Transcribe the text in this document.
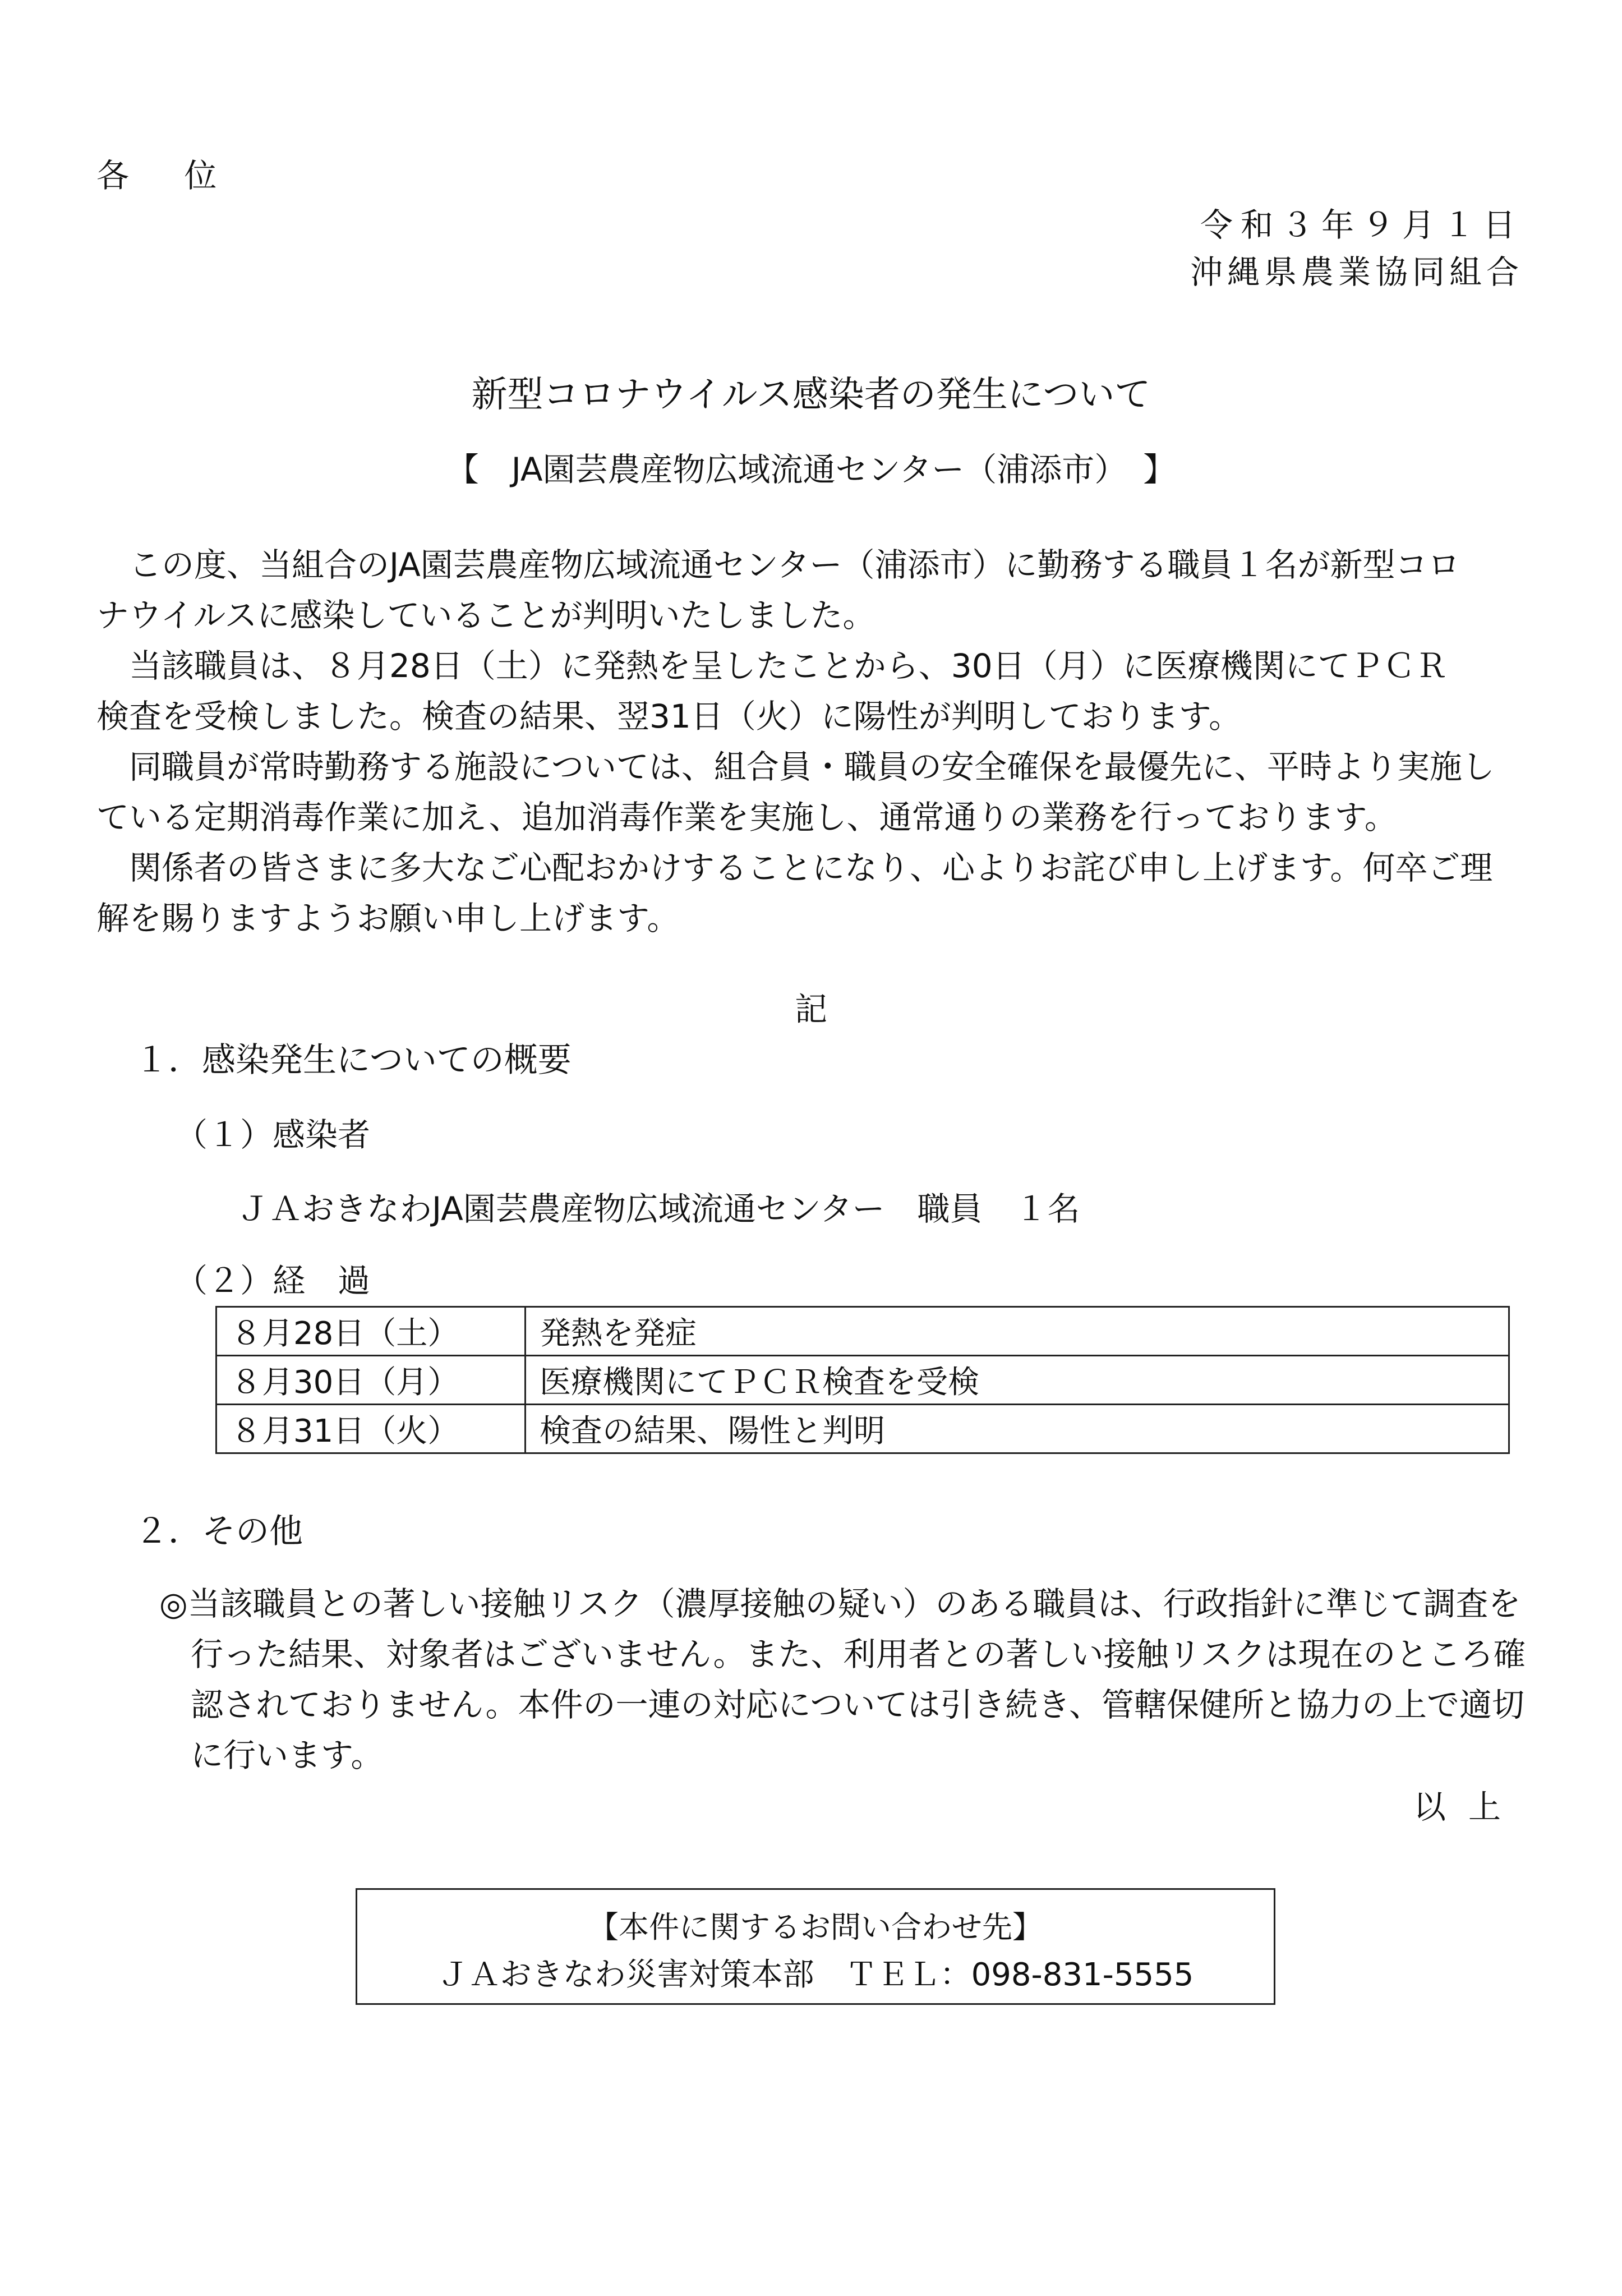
各 位
令和３年９月１日
沖縄県農業協同組合
新型コロナウイルス感染者の発生について
【　JA園芸農産物広域流通センター（浦添市）　】
　この度、当組合のJA園芸農産物広域流通センター（浦添市）に勤務する職員１名が新型コロ
ナウイルスに感染していることが判明いたしました。
　当該職員は、８月28日（土）に発熱を呈したことから、30日（月）に医療機関にてＰＣＲ
検査を受検しました。検査の結果、翌31日（火）に陽性が判明しております。
　同職員が常時勤務する施設については、組合員・職員の安全確保を最優先に、平時より実施し
ている定期消毒作業に加え、追加消毒作業を実施し、通常通りの業務を行っております。
　関係者の皆さまに多大なご心配おかけすることになり、心よりお詫び申し上げます。何卒ご理
解を賜りますようお願い申し上げます。
記
１．感染発生についての概要
（１）感染者
ＪＡおきなわJA園芸農産物広域流通センター　職員　１名
（２）経　過
８月28日（土）	発熱を発症
８月30日（月）	医療機関にてＰＣＲ検査を受検
８月31日（火）	検査の結果、陽性と判明
２．その他
◎当該職員との著しい接触リスク（濃厚接触の疑い）のある職員は、行政指針に準じて調査を
行った結果、対象者はございません。また、利用者との著しい接触リスクは現在のところ確
認されておりません。本件の一連の対応については引き続き、管轄保健所と協力の上で適切
に行います。
以上
【本件に関するお問い合わせ先】
ＪＡおきなわ災害対策本部　ＴＥＬ：098-831-5555
